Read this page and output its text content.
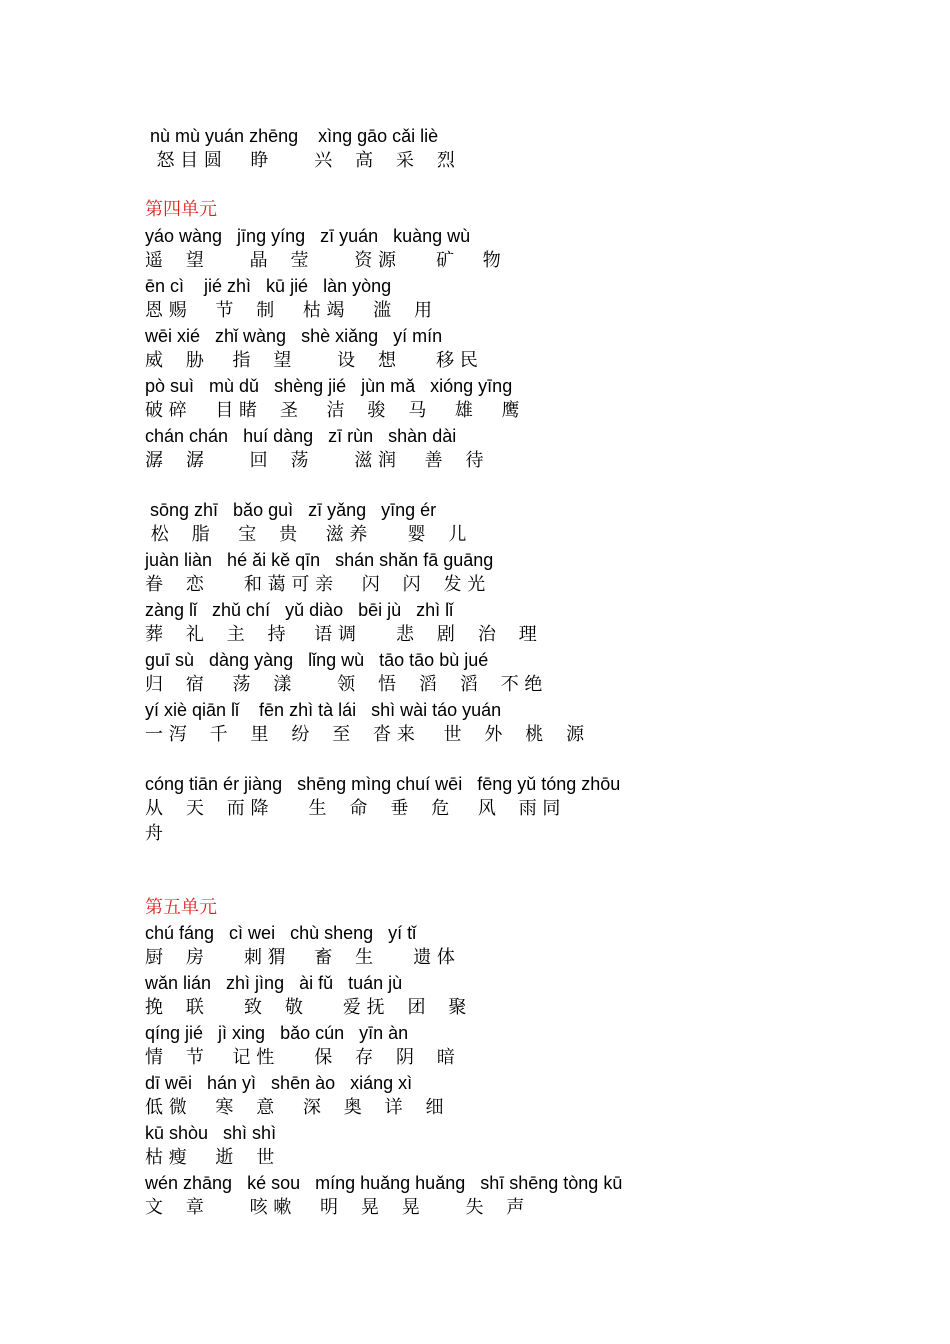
nù mù yuán zhēng    xìng gāo cǎi liè
怒 目 圆     睁        兴    高    采    烈
第四单元
yáo wàng   jīng yíng   zī yuán   kuàng wù
遥    望        晶    莹        资 源       矿     物
ēn cì    jié zhì   kū jié   làn yòng
恩 赐     节    制     枯 竭     滥    用
wēi xié   zhǐ wàng   shè xiǎng   yí mín
威    胁     指    望        设    想       移 民
pò suì   mù dǔ   shèng jié   jùn mǎ   xióng yīng
破 碎     目 睹    圣     洁    骏    马     雄     鹰
chán chán   huí dàng   zī rùn   shàn dài
潺    潺        回    荡        滋 润     善    待
sōng zhī   bǎo guì   zī yǎng   yīng ér
松    脂     宝    贵     滋 养       婴    儿
juàn liàn   hé ǎi kě qīn   shán shǎn fā guāng
眷    恋       和 蔼 可 亲     闪    闪    发 光
zàng lǐ   zhǔ chí   yǔ diào   bēi jù   zhì lǐ
葬    礼    主    持     语 调       悲    剧    治    理
guī sù   dàng yàng   lǐng wù   tāo tāo bù jué
归    宿     荡    漾        领    悟    滔    滔    不 绝
yí xiè qiān lǐ    fēn zhì tà lái   shì wài táo yuán
一 泻    千    里    纷    至    沓 来     世    外    桃    源
cóng tiān ér jiàng   shēng mìng chuí wēi   fēng yǔ tóng zhōu
从    天    而 降       生    命    垂    危     风    雨 同
舟
第五单元
chú fáng   cì wei   chù sheng   yí tǐ
厨    房       刺 猬     畜    生       遗 体
wǎn lián   zhì jìng   ài fǔ   tuán jù
挽    联       致    敬       爱 抚    团    聚
qíng jié   jì xing   bǎo cún   yīn àn
情    节     记 性       保    存    阴    暗
dī wēi   hán yì   shēn ào   xiáng xì
低 微     寒    意     深    奥    详    细
kū shòu   shì shì
枯 瘦     逝    世
wén zhāng   ké sou   míng huǎng huǎng   shī shēng tòng kū
文    章        咳 嗽     明    晃    晃        失    声
